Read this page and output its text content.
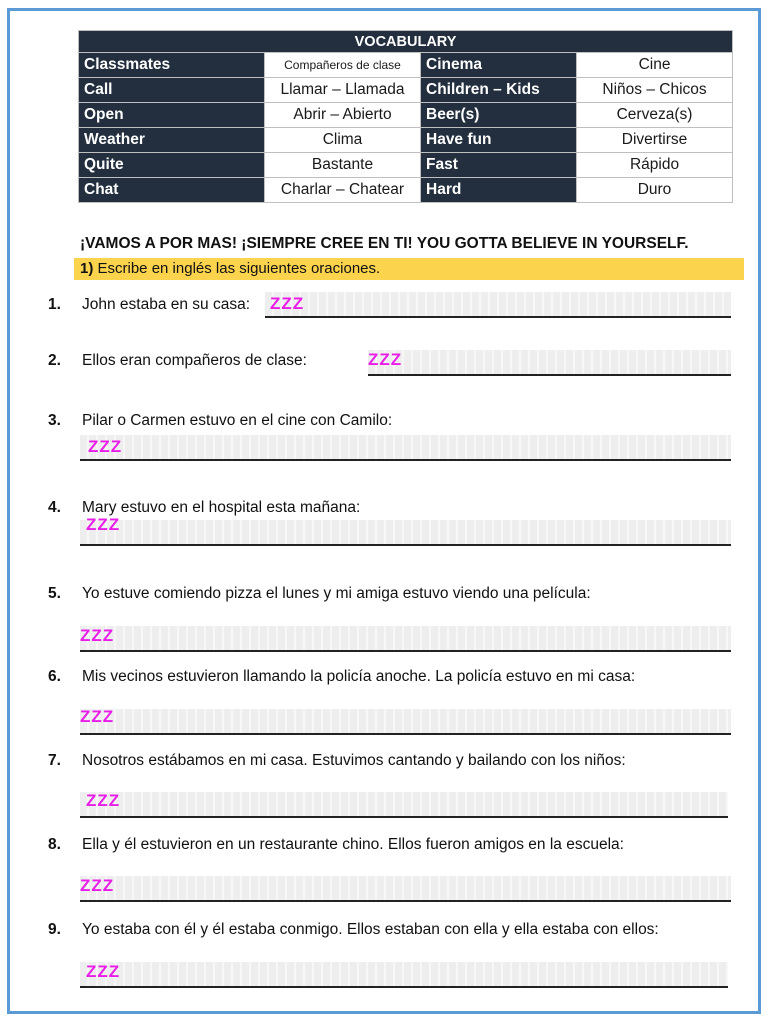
VOCABULARY			
Classmates	Compañeros de clase	Cinema	Cine
Call	Llamar – Llamada	Children – Kids	Niños – Chicos
Open	Abrir – Abierto	Beer(s)	Cerveza(s)
Weather	Clima	Have fun	Divertirse
Quite	Bastante	Fast	Rápido
Chat	Charlar – Chatear	Hard	Duro
¡VAMOS A POR MAS! ¡SIEMPRE CREE EN TI! YOU GOTTA BELIEVE IN YOURSELF.
1) Escribe en inglés las siguientes oraciones.
1. John estaba en su casa: ZZZ
2. Ellos eran compañeros de clase:	ZZZ
3. Pilar o Carmen estuvo en el cine con Camilo:
ZZZ
4. Mary estuvo en el hospital esta mañana:
ZZZ
5. Yo estuve comiendo pizza el lunes y mi amiga estuvo viendo una película:
ZZZ
6. Mis vecinos estuvieron llamando la policía anoche. La policía estuvo en mi casa:
ZZZ
7. Nosotros estábamos en mi casa. Estuvimos cantando y bailando con los niños:
ZZZ
8. Ella y él estuvieron en un restaurante chino. Ellos fueron amigos en la escuela:
ZZZ
9. Yo estaba con él y él estaba conmigo. Ellos estaban con ella y ella estaba con ellos:
ZZZ
